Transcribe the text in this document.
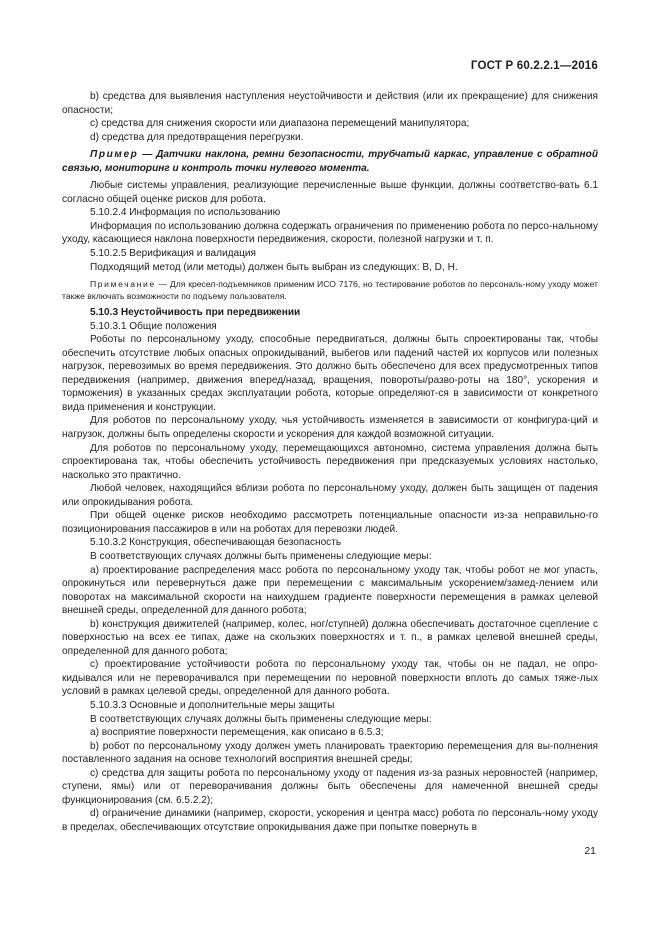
ГОСТ Р 60.2.2.1—2016

b) средства для выявления наступления неустойчивости и действия (или их прекращение) для снижения опасности;

c) средства для снижения скорости или диапазона перемещений манипулятора;

d) средства для предотвращения перегрузки.

Пример — Датчики наклона, ремни безопасности, трубчатый каркас, управление с обратной связью, мониторинг и контроль точки нулевого момента.

Любые системы управления, реализующие перечисленные выше функции, должны соответство-вать 6.1 согласно общей оценке рисков для робота.

5.10.2.4 Информация по использованию

Информация по использованию должна содержать ограничения по применению робота по персо-нальному уходу, касающиеся наклона поверхности передвижения, скорости, полезной нагрузки и т. п.

5.10.2.5 Верификация и валидация

Подходящий метод (или методы) должен быть выбран из следующих: B, D, H.

Примечание — Для кресел-подъемников применим ИСО 7176, но тестирование роботов по персональ-ному уходу может также включать возможности по подъему пользователя.

5.10.3 Неустойчивость при передвижении

5.10.3.1 Общие положения

Роботы по персональному уходу, способные передвигаться, должны быть спроектированы так, чтобы обеспечить отсутствие любых опасных опрокидываний, выбегов или падений частей их корпусов или полезных нагрузок, перевозимых во время передвижения. Это должно быть обеспечено для всех предусмотренных типов передвижения (например, движения вперед/назад, вращения, повороты/разво-роты на 180°, ускорения и торможения) в указанных средах эксплуатации робота, которые определяют-ся в зависимости от конкретного вида применения и конструкции.

Для роботов по персональному уходу, чья устойчивость изменяется в зависимости от конфигура-ций и нагрузок, должны быть определены скорости и ускорения для каждой возможной ситуации.

Для роботов по персональному уходу, перемещающихся автономно, система управления должна быть спроектирована так, чтобы обеспечить устойчивость передвижения при предсказуемых условиях настолько, насколько это практично.

Любой человек, находящийся вблизи робота по персональному уходу, должен быть защищен от падения или опрокидывания робота.

При общей оценке рисков необходимо рассмотреть потенциальные опасности из-за неправильно-го позиционирования пассажиров в или на роботах для перевозки людей.

5.10.3.2 Конструкция, обеспечивающая безопасность

В соответствующих случаях должны быть применены следующие меры:

a) проектирование распределения масс робота по персональному уходу так, чтобы робот не мог упасть, опрокинуться или перевернуться даже при перемещении с максимальным ускорением/замед-лением или поворотах на максимальной скорости на наихудшем градиенте поверхности перемещения в рамках целевой внешней среды, определенной для данного робота;

b) конструкция движителей (например, колес, ног/ступней) должна обеспечивать достаточное сцепление с поверхностью на всех ее типах, даже на скользких поверхностях и т. п., в рамках целевой внешней среды, определенной для данного робота;

c) проектирование устойчивости робота по персональному уходу так, чтобы он не падал, не опро-кидывался или не переворачивался при перемещении по неровной поверхности вплоть до самых тяже-лых условий в рамках целевой среды, определенной для данного робота.

5.10.3.3 Основные и дополнительные меры защиты

В соответствующих случаях должны быть применены следующие меры:

a) восприятие поверхности перемещения, как описано в 6.5.3;

b) робот по персональному уходу должен уметь планировать траекторию перемещения для вы-полнения поставленного задания на основе технологий восприятия внешней среды;

c) средства для защиты робота по персональному уходу от падения из-за разных неровностей (например, ступени, ямы) или от переворачивания должны быть обеспечены для намеченной внешней среды функционирования (см. 6.5.2.2);

d) ограничение динамики (например, скорости, ускорения и центра масс) робота по персональ-ному уходу в пределах, обеспечивающих отсутствие опрокидывания даже при попытке повернуть в

21
